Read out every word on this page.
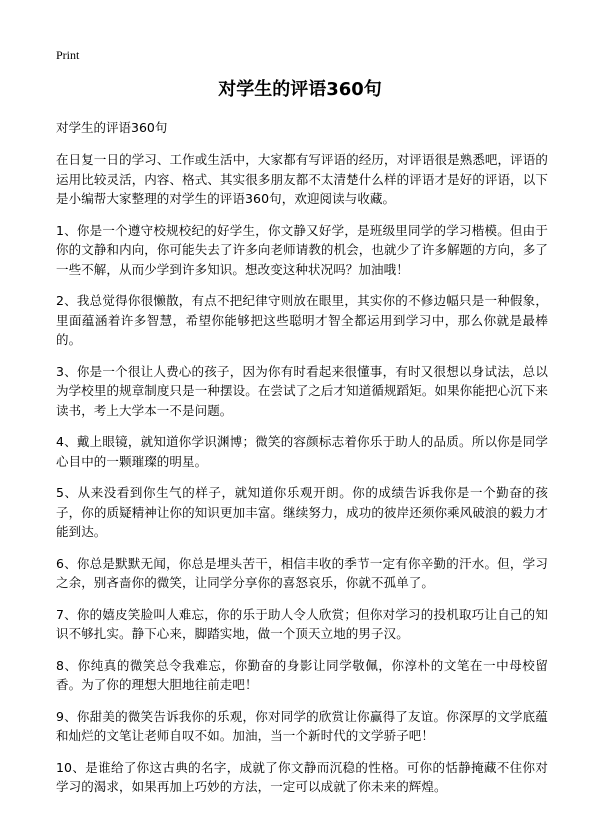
Print
对学生的评语360句
对学生的评语360句

在日复一日的学习、工作或生活中，大家都有写评语的经历，对评语很是熟悉吧，评语的运用比较灵活，内容、格式、其实很多朋友都不太清楚什么样的评语才是好的评语，以下是小编帮大家整理的对学生的评语360句，欢迎阅读与收藏。

1、你是一个遵守校规校纪的好学生，你文静又好学，是班级里同学的学习楷模。但由于你的文静和内向，你可能失去了许多向老师请教的机会，也就少了许多解题的方向，多了一些不解，从而少学到许多知识。想改变这种状况吗？加油哦！

2、我总觉得你很懒散，有点不把纪律守则放在眼里，其实你的不修边幅只是一种假象，里面蕴涵着许多智慧，希望你能够把这些聪明才智全都运用到学习中，那么你就是最棒的。

3、你是一个很让人费心的孩子，因为你有时看起来很懂事，有时又很想以身试法，总以为学校里的规章制度只是一种摆设。在尝试了之后才知道循规蹈矩。如果你能把心沉下来读书，考上大学本一不是问题。

4、戴上眼镜，就知道你学识渊博；微笑的容颜标志着你乐于助人的品质。所以你是同学心目中的一颗璀璨的明星。

5、从来没看到你生气的样子，就知道你乐观开朗。你的成绩告诉我你是一个勤奋的孩子，你的质疑精神让你的知识更加丰富。继续努力，成功的彼岸还须你乘风破浪的毅力才能到达。

6、你总是默默无闻，你总是埋头苦干，相信丰收的季节一定有你辛勤的汗水。但，学习之余，别吝啬你的微笑，让同学分享你的喜怒哀乐，你就不孤单了。

7、你的嬉皮笑脸叫人难忘，你的乐于助人令人欣赏；但你对学习的投机取巧让自己的知识不够扎实。静下心来，脚踏实地，做一个顶天立地的男子汉。

8、你纯真的微笑总令我难忘，你勤奋的身影让同学敬佩，你淳朴的文笔在一中母校留香。为了你的理想大胆地往前走吧！

9、你甜美的微笑告诉我你的乐观，你对同学的欣赏让你赢得了友谊。你深厚的文学底蕴和灿烂的文笔让老师自叹不如。加油，当一个新时代的文学骄子吧！

10、是谁给了你这古典的名字，成就了你文静而沉稳的性格。可你的恬静掩藏不住你对学习的渴求，如果再加上巧妙的方法，一定可以成就了你未来的辉煌。
